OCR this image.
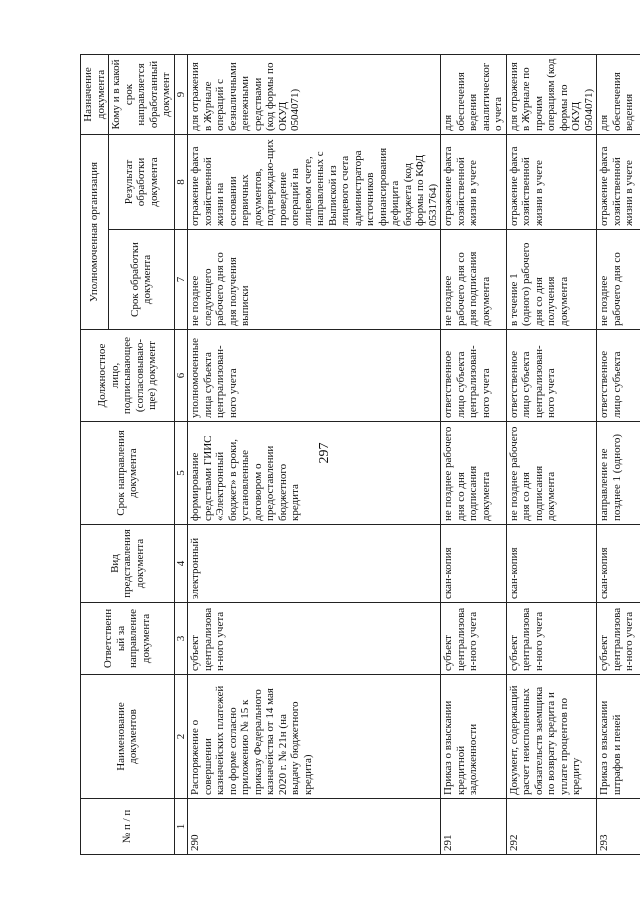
297
№ п / п	Наименование документов	Ответственный за направление документа	Вид представления документа	Срок направления документа	Должностное лицо, подписывающее (согласовываю-щее) документ	Уполномоченная организация		Назначение документа
						Срок обработки документа	Результат обработки документа	Кому и в какой срок направляется обработанный документ
1	2	3	4	5	6	7	8	9
290	Распоряжение о совершении казначейских платежей по форме согласно приложению № 15 к приказу Федерального казначейства от 14 мая 2020 г. № 21н (на выдачу бюджетного кредита)	субъект централизован-ного учета	электронный	формирование средствами ГИИС «Электронный бюджет» в сроки, установленные договором о предоставлении бюджетного кредита	уполномоченные лица субъекта централизован-ного учета	не позднее следующего рабочего дня со дня получения выписки	отражение факта хозяйственной жизни на основании первичных документов, подтверждаю-щих проведение операций на лицевом счете, направленных с Выпиской из лицевого счета администратора источников финансирования дефицита бюджета (код формы по КФД 0531764)	для отражения в Журнале операций с безналичными денежными средствами (код формы по ОКУД 0504071)
291	Приказ о взыскании кредитной задолженности	субъект централизован-ного учета	скан-копия	не позднее рабочего дня со дня подписания документа	ответственное лицо субъекта централизован-ного учета	не позднее рабочего дня со дня подписания документа	отражение факта хозяйственной жизни в учете	для обеспечения ведения аналитического учета
292	Документ, содержащий расчет неисполненных обязательств заемщика по возврату кредита и уплате процентов по кредиту	субъект централизован-ного учета	скан-копия	не позднее рабочего дня со дня подписания документа	ответственное лицо субъекта централизован-ного учета	в течение 1 (одного) рабочего дня со дня получения документа	отражение факта хозяйственной жизни в учете	для отражения в Журнале по прочим операциям (код формы по ОКУД 0504071)
293	Приказ о взыскании штрафов и пеней	субъект централизован-ного учета	скан-копия	направление не позднее 1 (одного)	ответственное лицо субъекта	не позднее рабочего дня со	отражение факта хозяйственной жизни в учете	для обеспечения ведения
